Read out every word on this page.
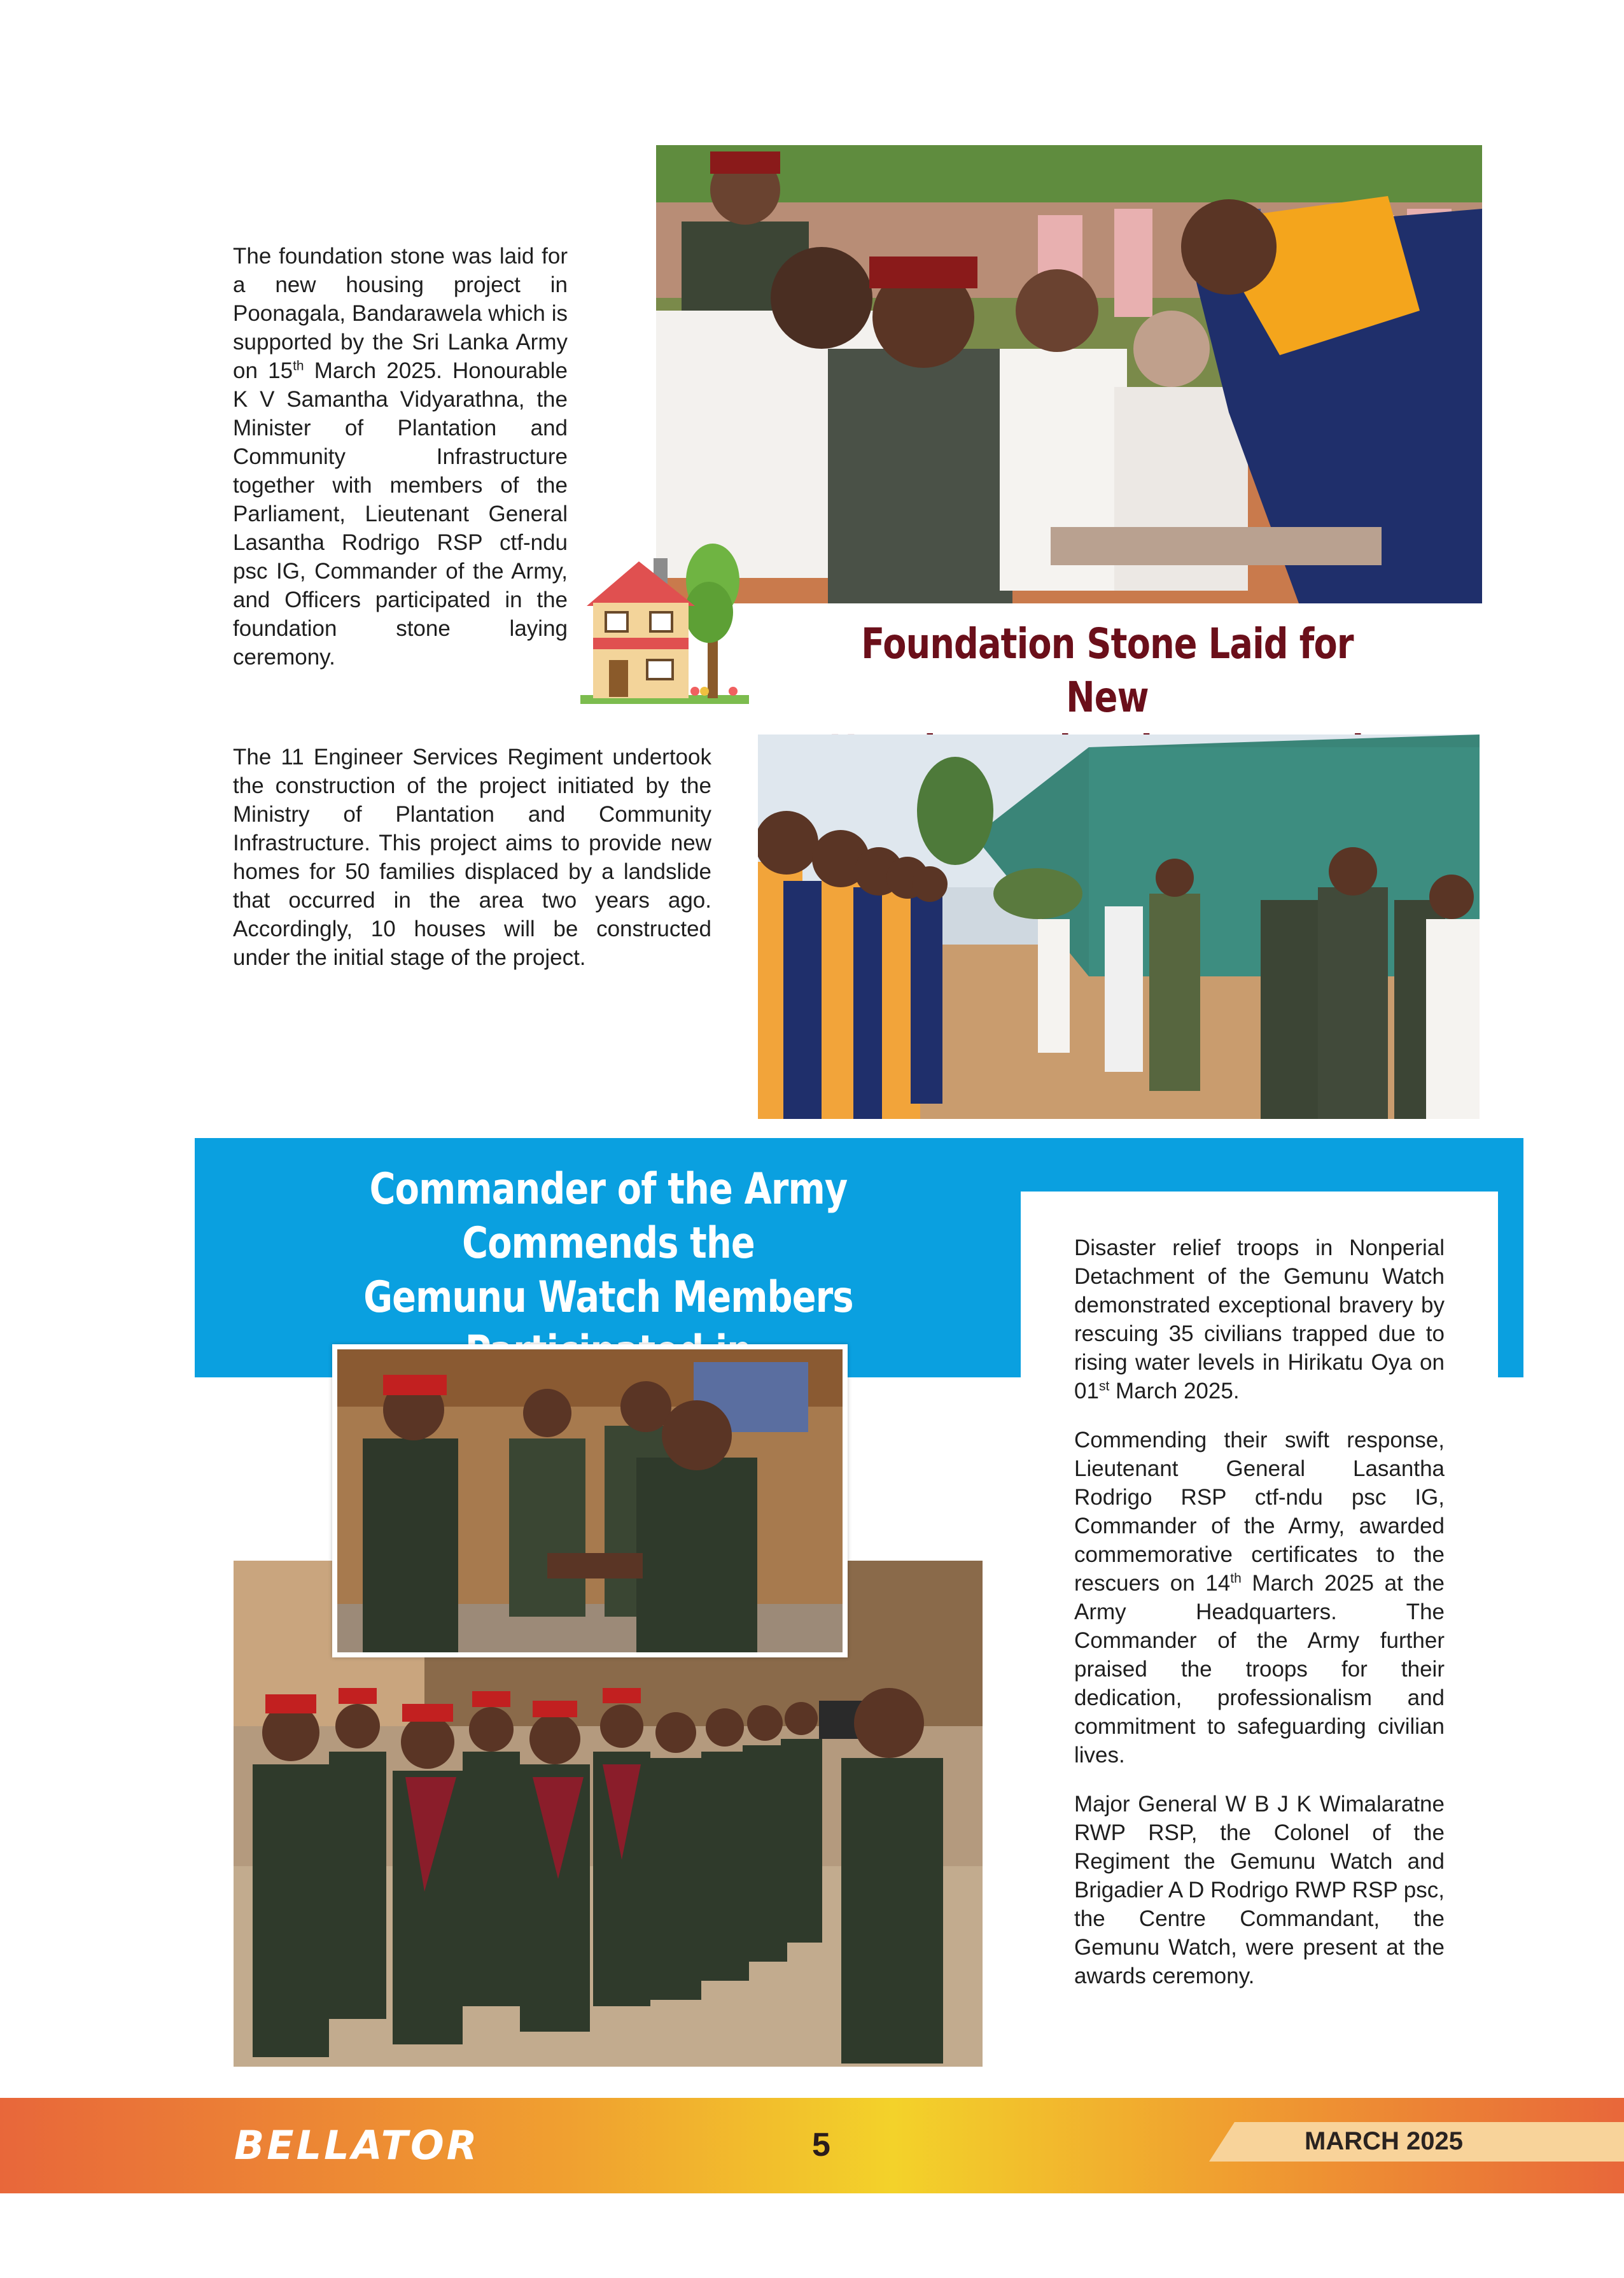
The foundation stone was laid for a new housing project in Poonagala, Bandarawela which is supported by the Sri Lanka Army on 15th March 2025. Honourable K V Samantha Vidyarathna, the Minister of Plantation and Community Infrastructure together with members of the Parliament, Lieutenant General Lasantha Rodrigo RSP ctf-ndu psc IG, Commander of the Army, and Officers participated in the foundation stone laying ceremony.

The 11 Engineer Services Regiment undertook the construction of the project initiated by the Ministry of Plantation and Community Infrastructure. This project aims to provide new homes for 50 families displaced by a landslide that occurred in the area two years ago. Accordingly, 10 houses will be constructed under the initial stage of the project.

Foundation Stone Laid for New
Commander of the Army Commends the
Gemunu Watch Members

Disaster relief troops in Nonperial Detachment of the Gemunu Watch demonstrated exceptional bravery by rescuing 35 civilians trapped due to rising water levels in Hirikatu Oya on 01st March 2025.

Commending their swift response, Lieutenant General Lasantha Rodrigo RSP ctf-ndu psc IG, Commander of the Army, awarded commemorative certificates to the rescuers on 14th March 2025 at the Army Headquarters. The Commander of the Army further praised the troops for their dedication, professionalism and commitment to safeguarding civilian lives.

Major General W B J K Wimalaratne RWP RSP, the Colonel of the Regiment the Gemunu Watch and Brigadier A D Rodrigo RWP RSP psc, the Centre Commandant, the Gemunu Watch, were present at the awards ceremony.

BELLATOR	5	MARCH 2025
